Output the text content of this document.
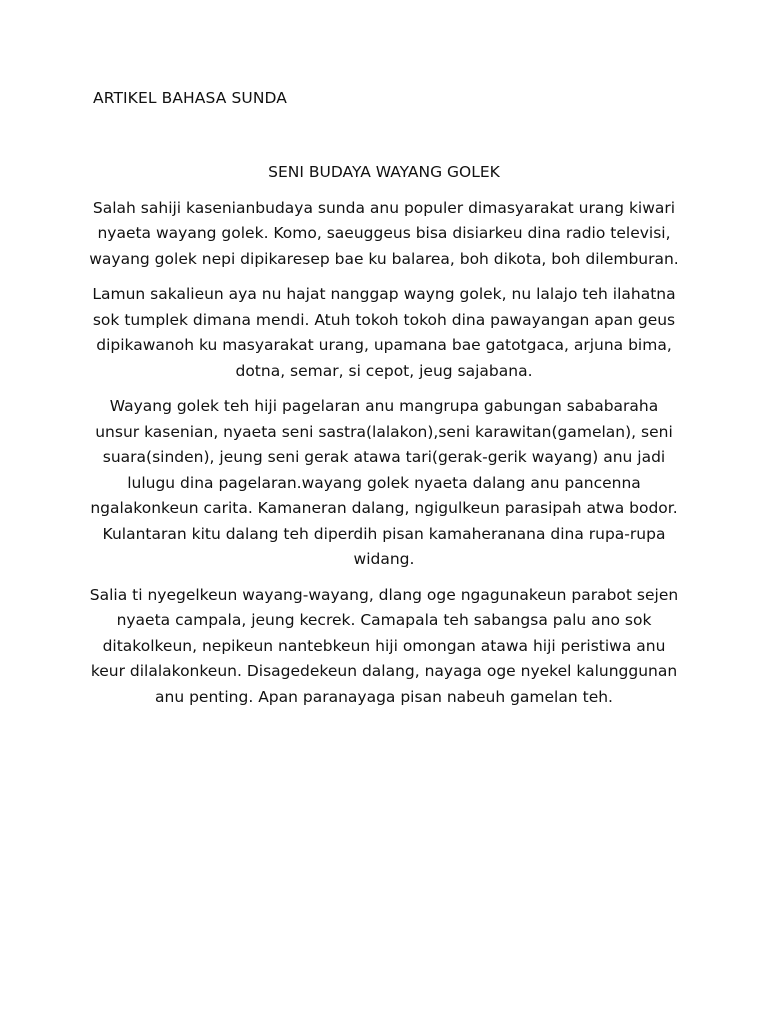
ARTIKEL BAHASA SUNDA
SENI BUDAYA WAYANG GOLEK

Salah sahiji kasenianbudaya sunda anu populer dimasyarakat urang kiwari nyaeta wayang golek. Komo, saeuggeus bisa disiarkeu dina radio televisi, wayang golek nepi dipikaresep bae ku balarea, boh dikota, boh dilemburan.

Lamun sakalieun aya nu hajat nanggap wayng golek, nu lalajo teh ilahatna sok tumplek dimana mendi. Atuh tokoh tokoh dina pawayangan apan geus dipikawanoh ku masyarakat urang, upamana bae gatotgaca, arjuna bima, dotna, semar, si cepot, jeug sajabana.

Wayang golek teh hiji pagelaran anu mangrupa gabungan sababaraha unsur kasenian, nyaeta seni sastra(lalakon),seni karawitan(gamelan), seni suara(sinden), jeung seni gerak atawa tari(gerak-gerik wayang) anu jadi lulugu dina pagelaran.wayang golek nyaeta dalang anu pancenna ngalakonkeun carita. Kamaneran dalang, ngigulkeun parasipah atwa bodor. Kulantaran kitu dalang teh diperdih pisan kamaheranana dina rupa-rupa widang.

Salia ti nyegelkeun wayang-wayang, dlang oge ngagunakeun parabot sejen nyaeta campala, jeung kecrek. Camapala teh sabangsa palu ano sok ditakolkeun, nepikeun nantebkeun hiji omongan atawa hiji peristiwa anu keur dilalakonkeun. Disagedekeun dalang, nayaga oge nyekel kalunggunan anu penting. Apan paranayaga pisan nabeuh gamelan teh.
